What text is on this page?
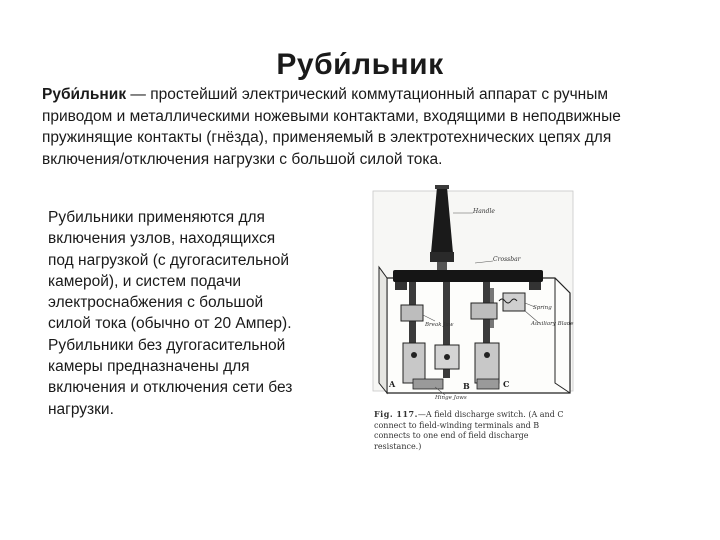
Руби́льник
Руби́льник — простейший электрический коммутационный аппарат с ручным приводом и металлическими ножевыми контактами, входящими в неподвижные пружинящие контакты (гнёзда), применяемый в электротехнических цепях для включения/отключения нагрузки с большой силой тока.
Рубильники применяются для включения узлов, находящихся под нагрузкой (с дугогасительной камерой), и систем подачи электроснабжения с большой силой тока (обычно от 20 Ампер). Рубильники без дугогасительной камеры предназначены для включения и отключения сети без нагрузки.
Handle
Crossbar
Break Jaw
Spring
Auxiliary Blade
Hinge Jaws
A	B	C
Fig. 117.—A field discharge switch. (A and C connect to field-winding terminals and B connects to one end of field discharge resistance.)
